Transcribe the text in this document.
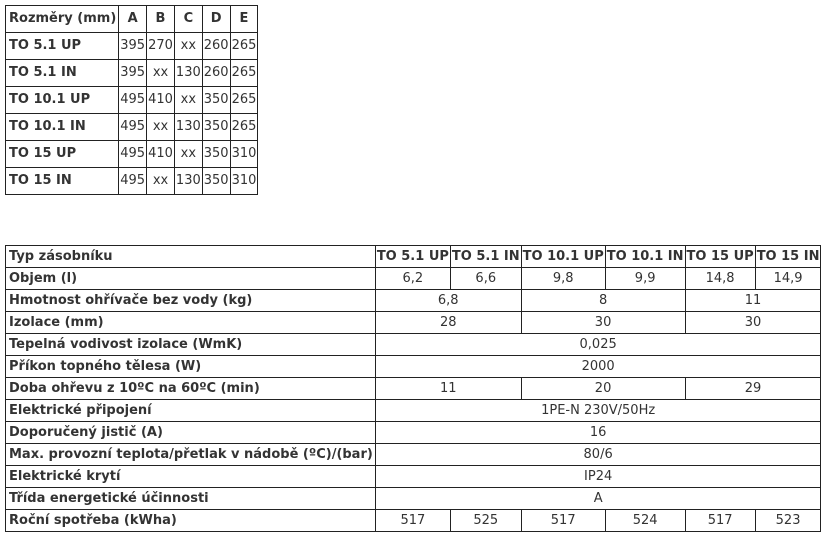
Rozměry (mm)	A	B	C	D	E
TO 5.1 UP	395	270	xx	260	265
TO 5.1 IN	395	xx	130	260	265
TO 10.1 UP	495	410	xx	350	265
TO 10.1 IN	495	xx	130	350	265
TO 15 UP	495	410	xx	350	310
TO 15 IN	495	xx	130	350	310
Typ zásobníku	TO 5.1 UP	TO 5.1 IN	TO 10.1 UP	TO 10.1 IN	TO 15 UP	TO 15 IN
Objem (l)	6,2	6,6	9,8	9,9	14,8	14,9
Hmotnost ohřívače bez vody (kg)	6,8		8		11	
Izolace (mm)	28		30		30	
Tepelná vodivost izolace (WmK)	0,025					
Příkon topného tělesa (W)	2000					
Doba ohřevu z 10ºC na 60ºC (min)	11		20		29	
Elektrické připojení	1PE-N 230V/50Hz					
Doporučený jistič (A)	16					
Max. provozní teplota/přetlak v nádobě (ºC)/(bar)	80/6					
Elektrické krytí	IP24					
Třída energetické účinnosti	A					
Roční spotřeba (kWha)	517	525	517	524	517	523
